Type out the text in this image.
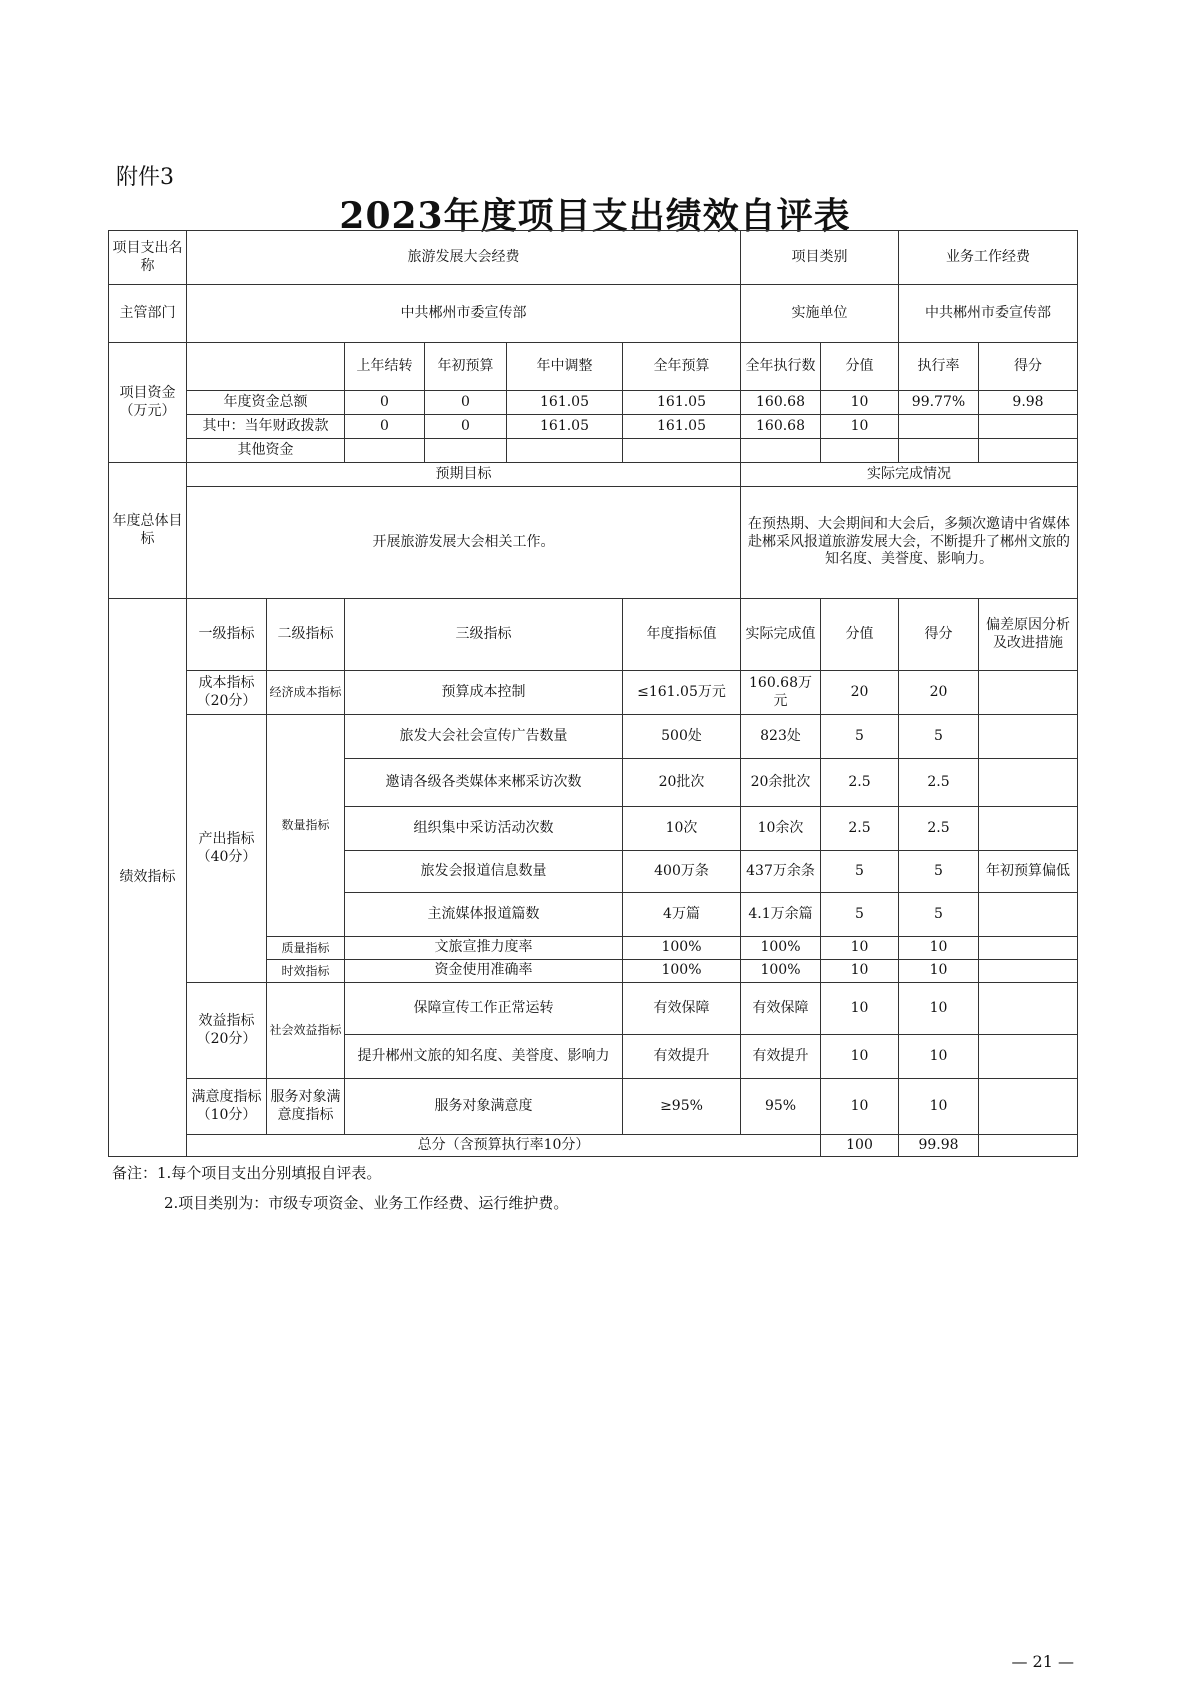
附件3
2023年度项目支出绩效自评表
项目支出名称	旅游发展大会经费						项目类别		业务工作经费	
主管部门	中共郴州市委宣传部						实施单位		中共郴州市委宣传部	
项目资金（万元）			上年结转	年初预算	年中调整	全年预算	全年执行数	分值	执行率	得分
	年度资金总额		0	0	161.05	161.05	160.68	10	99.77%	9.98
	其中：当年财政拨款		0	0	161.05	161.05	160.68	10		
	其他资金									
年度总体目标	预期目标						实际完成情况			
	开展旅游发展大会相关工作。						在预热期、大会期间和大会后，多频次邀请中省媒体赴郴采风报道旅游发展大会，不断提升了郴州文旅的知名度、美誉度、影响力。			
绩效指标	一级指标	二级指标	三级指标			年度指标值	实际完成值	分值	得分	偏差原因分析及改进措施
	成本指标（20分）	经济成本指标	预算成本控制			≤161.05万元	160.68万元	20	20	
	产出指标（40分）	数量指标	旅发大会社会宣传广告数量			500处	823处	5	5	
			邀请各级各类媒体来郴采访次数			20批次	20余批次	2.5	2.5	
			组织集中采访活动次数			10次	10余次	2.5	2.5	
			旅发会报道信息数量			400万条	437万余条	5	5	年初预算偏低
			主流媒体报道篇数			4万篇	4.1万余篇	5	5	
		质量指标	文旅宣推力度率			100%	100%	10	10	
		时效指标	资金使用准确率			100%	100%	10	10	
	效益指标（20分）	社会效益指标	保障宣传工作正常运转			有效保障	有效保障	10	10	
			提升郴州文旅的知名度、美誉度、影响力			有效提升	有效提升	10	10	
	满意度指标（10分）	服务对象满意度指标	服务对象满意度			≥95%	95%	10	10	
	总分（含预算执行率10分）							100	99.98	
备注：1.每个项目支出分别填报自评表。
2.项目类别为：市级专项资金、业务工作经费、运行维护费。
— 21 —
